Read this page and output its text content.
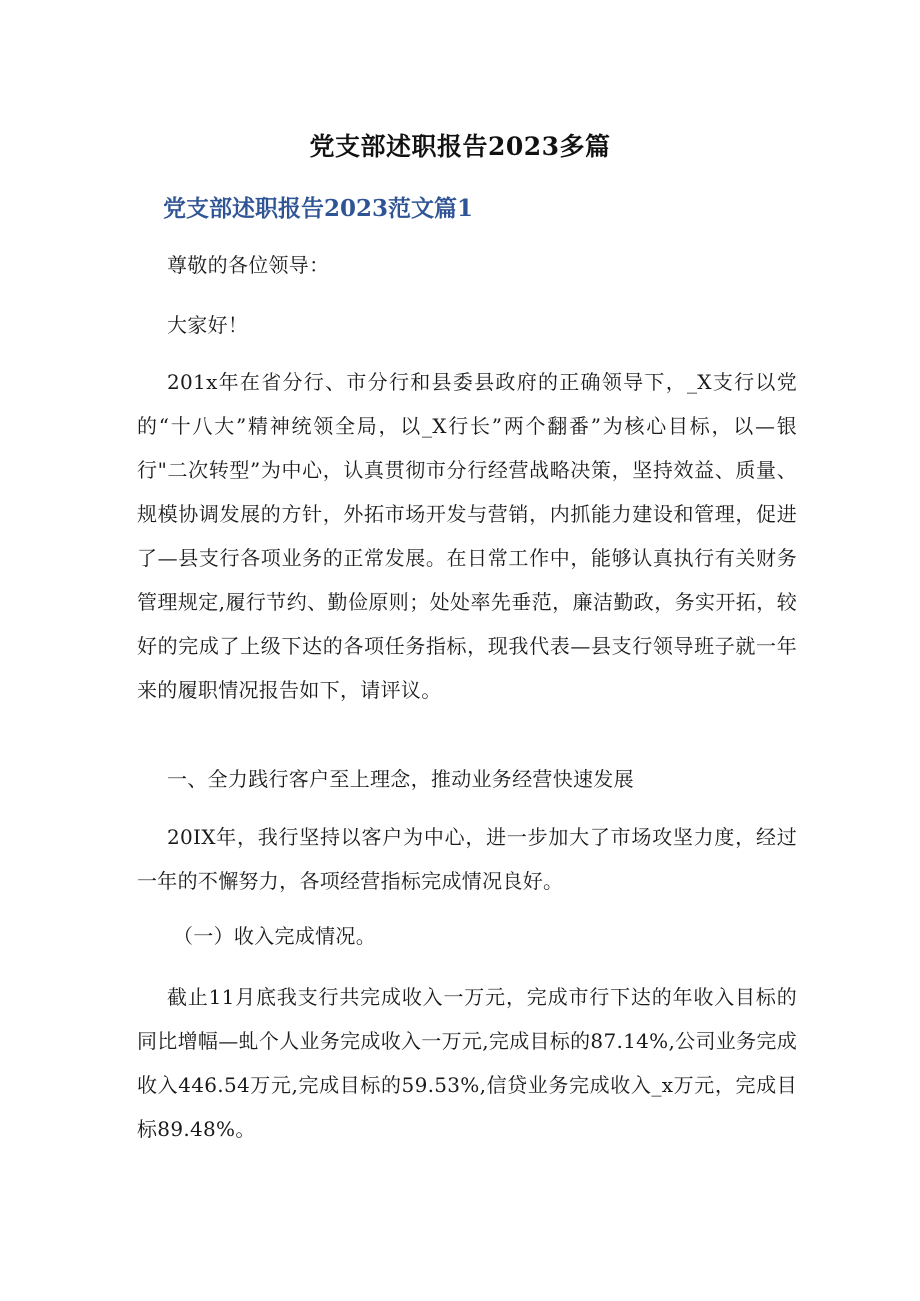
党支部述职报告2023多篇
党支部述职报告2023范文篇1

尊敬的各位领导：

大家好！

201x年在省分行、市分行和县委县政府的正确领导下，_X支行以党的“十八大”精神统领全局，以_X行长”两个翻番”为核心目标，以—银行"二次转型”为中心，认真贯彻市分行经营战略决策，坚持效益、质量、规模协调发展的方针，外拓市场开发与营销，内抓能力建设和管理，促进了—县支行各项业务的正常发展。在日常工作中，能够认真执行有关财务管理规定,履行节约、勤俭原则；处处率先垂范，廉洁勤政，务实开拓，较好的完成了上级下达的各项任务指标，现我代表—县支行领导班子就一年来的履职情况报告如下，请评议。

一、全力践行客户至上理念，推动业务经营快速发展

20IX年，我行坚持以客户为中心，进一步加大了市场攻坚力度，经过一年的不懈努力，各项经营指标完成情况良好。

（一）收入完成情况。

截止11月底我支行共完成收入一万元，完成市行下达的年收入目标的同比增幅—虬个人业务完成收入一万元,完成目标的87.14%,公司业务完成收入446.54万元,完成目标的59.53%,信贷业务完成收入_x万元，完成目标89.48%。
